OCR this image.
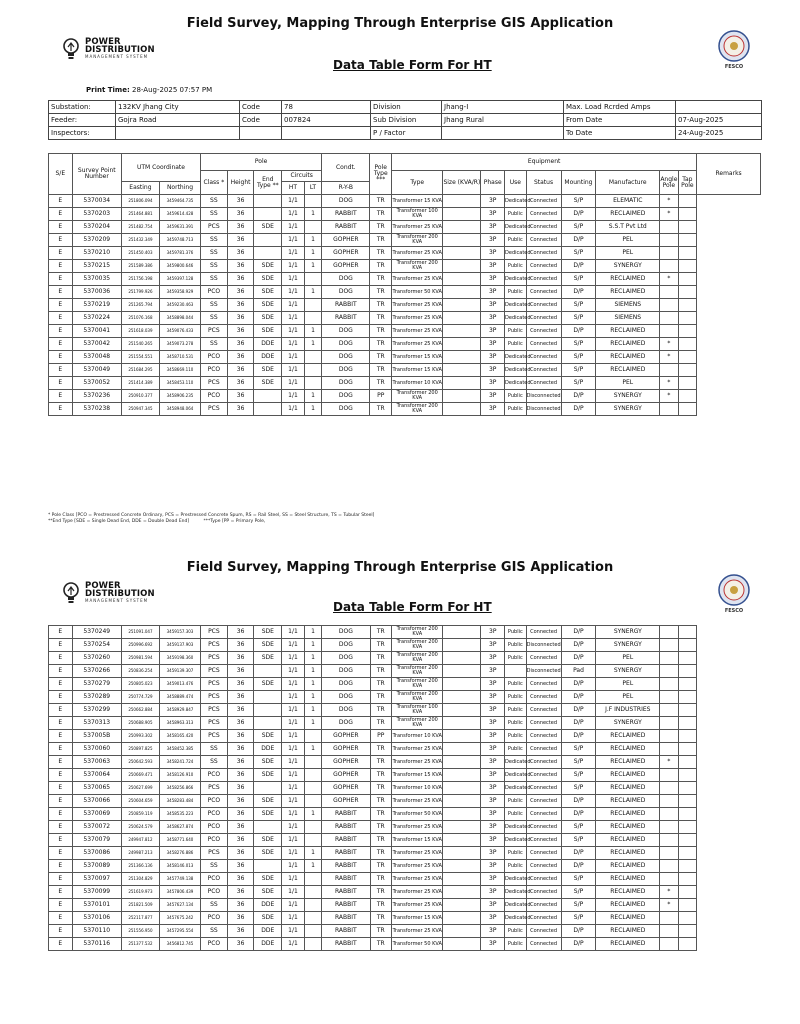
Field Survey, Mapping Through Enterprise GIS Application
POWER
DISTRIBUTION
MANAGEMENT SYSTEM
Data Table Form For HT	FESCO
Print Time: 28-Aug-2025 07:57 PM
Substation:	132KV Jhang City	Code	78	Division	Jhang-I	Max. Load Rcrded Amps	
Feeder:	Gojra Road	Code	007824	Sub Division	Jhang Rural	From Date	07-Aug-2025
Inspectors:				P / Factor		To Date	24-Aug-2025
S/E	Survey Point Number	UTM Coordinate		Pole					Condt.	Pole Type ***	Equipment									Remarks
				Class *	Height	End Type **	Circuits				Type	Size (KVA/R)	Phase	Use	Status	Mounting	Manufacture	Angle Pole	Tap Pole	
		Easting	Northing				HT	LT	R-Y-B											
E	5370034	251806.094	3459464.735	SS	36		1/1		DOG	TR	Transformer 15 KVA		3P	Dedicated	Connected	S/P	ELEMATIC	*		
E	5370203	251464.881	3459614.428	SS	36		1/1	1	RABBIT	TR	Transformer 100 KVA		3P	Public	Connected	D/P	RECLAIMED	*		
E	5370204	251482.754	3459631.391	PCS	36	SDE	1/1		RABBIT	TR	Transformer 25 KVA		3P	Dedicated	Connected	S/P	S.S.T Pvt Ltd			
E	5370209	251432.349	3459748.713	SS	36		1/1	1	GOPHER	TR	Transformer 200 KVA		3P	Public	Connected	D/P	PEL			
E	5370210	251450.403	3459781.376	SS	36		1/1	1	GOPHER	TR	Transformer 25 KVA		3P	Dedicated	Connected	S/P	PEL			
E	5370215	251589.386	3459800.646	SS	36	SDE	1/1	1	GOPHER	TR	Transformer 200 KVA		3P	Public	Connected	D/P	SYNERGY			
E	5370035	251756.198	3459397.128	SS	36	SDE	1/1		DOG	TR	Transformer 25 KVA		3P	Dedicated	Connected	S/P	RECLAIMED	*		
E	5370036	251799.926	3459358.929	PCO	36	SDE	1/1	1	DOG	TR	Transformer 50 KVA		3P	Public	Connected	D/P	RECLAIMED			
E	5370219	251265.794	3459230.463	SS	36	SDE	1/1		RABBIT	TR	Transformer 25 KVA		3P	Dedicated	Connected	S/P	SIEMENS			
E	5370224	251076.168	3458898.044	SS	36	SDE	1/1		RABBIT	TR	Transformer 25 KVA		3P	Dedicated	Connected	S/P	SIEMENS			
E	5370041	251618.039	3459076.433	PCS	36	SDE	1/1	1	DOG	TR	Transformer 25 KVA		3P	Public	Connected	D/P	RECLAIMED			
E	5370042	251540.265	3459073.278	SS	36	DDE	1/1	1	DOG	TR	Transformer 25 KVA		3P	Public	Connected	S/P	RECLAIMED	*		
E	5370048	251554.551	3458710.531	PCO	36	DDE	1/1		DOG	TR	Transformer 15 KVA		3P	Dedicated	Connected	S/P	RECLAIMED	*		
E	5370049	251684.295	3458669.110	PCO	36	SDE	1/1		DOG	TR	Transformer 15 KVA		3P	Dedicated	Connected	S/P	RECLAIMED			
E	5370052	251414.389	3458453.110	PCS	36	SDE	1/1		DOG	TR	Transformer 10 KVA		3P	Dedicated	Connected	S/P	PEL	*		
E	5370236	250910.377	3458906.235	PCO	36		1/1	1	DOG	PP	Transformer 200 KVA		3P	Public	Disconnected	D/P	SYNERGY	*		
E	5370238	250947.345	3458948.064	PCS	36		1/1	1	DOG	TR	Transformer 200 KVA		3P	Public	Disconnected	D/P	SYNERGY			
* Pole Class [PCO = Prestressed Concrete Ordinary, PCS = Prestressed Concrete Spum, RS = Rail Steel, SS = Steel Structure, TS = Tubular Steel]
**End Type [SDE = Single Dead End, DDE = Double Dead End]	***Type [PP = Primary Pole,
Field Survey, Mapping Through Enterprise GIS Application
POWER
DISTRIBUTION
MANAGEMENT SYSTEM	Data Table Form For HT	FESCO
E	5370249	251091.047	3459157.303	PCS	36	SDE	1/1	1	DOG	TR	Transformer 200 KVA		3P	Public	Connected	D/P	SYNERGY		
E	5370254	250996.692	3459137.903	PCS	36	SDE	1/1	1	DOG	TR	Transformer 200 KVA		3P	Public	Disconnected	D/P	SYNERGY		
E	5370260	250981.594	3459198.360	PCS	36	SDE	1/1	1	DOG	TR	Transformer 200 KVA		3P	Public	Connected	D/P	PEL		
E	5370266	250836.254	3459139.307	PCS	36		1/1	1	DOG	TR	Transformer 200 KVA		3P		Disconnected	Pad	SYNERGY		
E	5370279	250805.023	3459013.476	PCS	36	SDE	1/1	1	DOG	TR	Transformer 200 KVA		3P	Public	Connected	D/P	PEL		
E	5370289	250774.729	3458889.474	PCS	36		1/1	1	DOG	TR	Transformer 200 KVA		3P	Public	Connected	D/P	PEL		
E	5370299	250662.884	3458929.847	PCS	36		1/1	1	DOG	TR	Transformer 100 KVA		3P	Public	Connected	D/P	J.F INDUSTRIES		
E	5370313	250688.905	3458963.313	PCS	36		1/1	1	DOG	TR	Transformer 200 KVA		3P	Public	Connected	D/P	SYNERGY		
E	537005B	250993.302	3458165.420	PCS	36	SDE	1/1		GOPHER	PP	Transformer 10 KVA		3P	Public	Connected	D/P	RECLAIMED		
E	5370060	250897.825	3458452.385	SS	36	DDE	1/1	1	GOPHER	TR	Transformer 25 KVA		3P	Public	Connected	S/P	RECLAIMED		
E	5370063	250642.593	3458241.724	SS	36	SDE	1/1		GOPHER	TR	Transformer 25 KVA		3P	Dedicated	Connected	S/P	RECLAIMED	*	
E	5370064	250669.471	3458126.910	PCO	36	SDE	1/1		GOPHER	TR	Transformer 15 KVA		3P	Dedicated	Connected	S/P	RECLAIMED		
E	5370065	250627.699	3458256.866	PCS	36		1/1		GOPHER	TR	Transformer 10 KVA		3P	Dedicated	Connected	S/P	RECLAIMED		
E	5370066	250604.659	3458283.484	PCO	36	SDE	1/1		GOPHER	TR	Transformer 25 KVA		3P	Public	Connected	D/P	RECLAIMED		
E	5370069	250859.119	3458535.223	PCO	36	SDE	1/1	1	RABBIT	TR	Transformer 50 KVA		3P	Public	Connected	D/P	RECLAIMED		
E	5370072	250624.579	3458627.874	PCO	36		1/1		RABBIT	TR	Transformer 25 KVA		3P	Dedicated	Connected	S/P	RECLAIMED		
E	5370079	249947.812	3458771.640	PCO	36	SDE	1/1		RABBIT	TR	Transformer 15 KVA		3P	Dedicated	Connected	S/P	RECLAIMED		
E	5370086	249987.213	3458276.886	PCS	36	SDE	1/1	1	RABBIT	TR	Transformer 25 KVA		3P	Public	Connected	D/P	RECLAIMED		
E	5370089	251366.136	3458146.013	SS	36		1/1	1	RABBIT	TR	Transformer 25 KVA		3P	Public	Connected	D/P	RECLAIMED		
E	5370097	251304.829	3457749.138	PCO	36	SDE	1/1		RABBIT	TR	Transformer 25 KVA		3P	Dedicated	Connected	S/P	RECLAIMED		
E	5370099	251619.973	3457806.439	PCO	36	SDE	1/1		RABBIT	TR	Transformer 25 KVA		3P	Dedicated	Connected	S/P	RECLAIMED	*	
E	5370101	251821.509	3457627.134	SS	36	DDE	1/1		RABBIT	TR	Transformer 25 KVA		3P	Dedicated	Connected	S/P	RECLAIMED	*	
E	5370106	252117.877	3457675.242	PCO	36	SDE	1/1		RABBIT	TR	Transformer 15 KVA		3P	Dedicated	Connected	S/P	RECLAIMED		
E	5370110	251556.950	3457295.554	SS	36	DDE	1/1		RABBIT	TR	Transformer 25 KVA		3P	Public	Connected	D/P	RECLAIMED		
E	5370116	251377.532	3456812.745	PCO	36	DDE	1/1		RABBIT	TR	Transformer 50 KVA		3P	Public	Connected	D/P	RECLAIMED		
